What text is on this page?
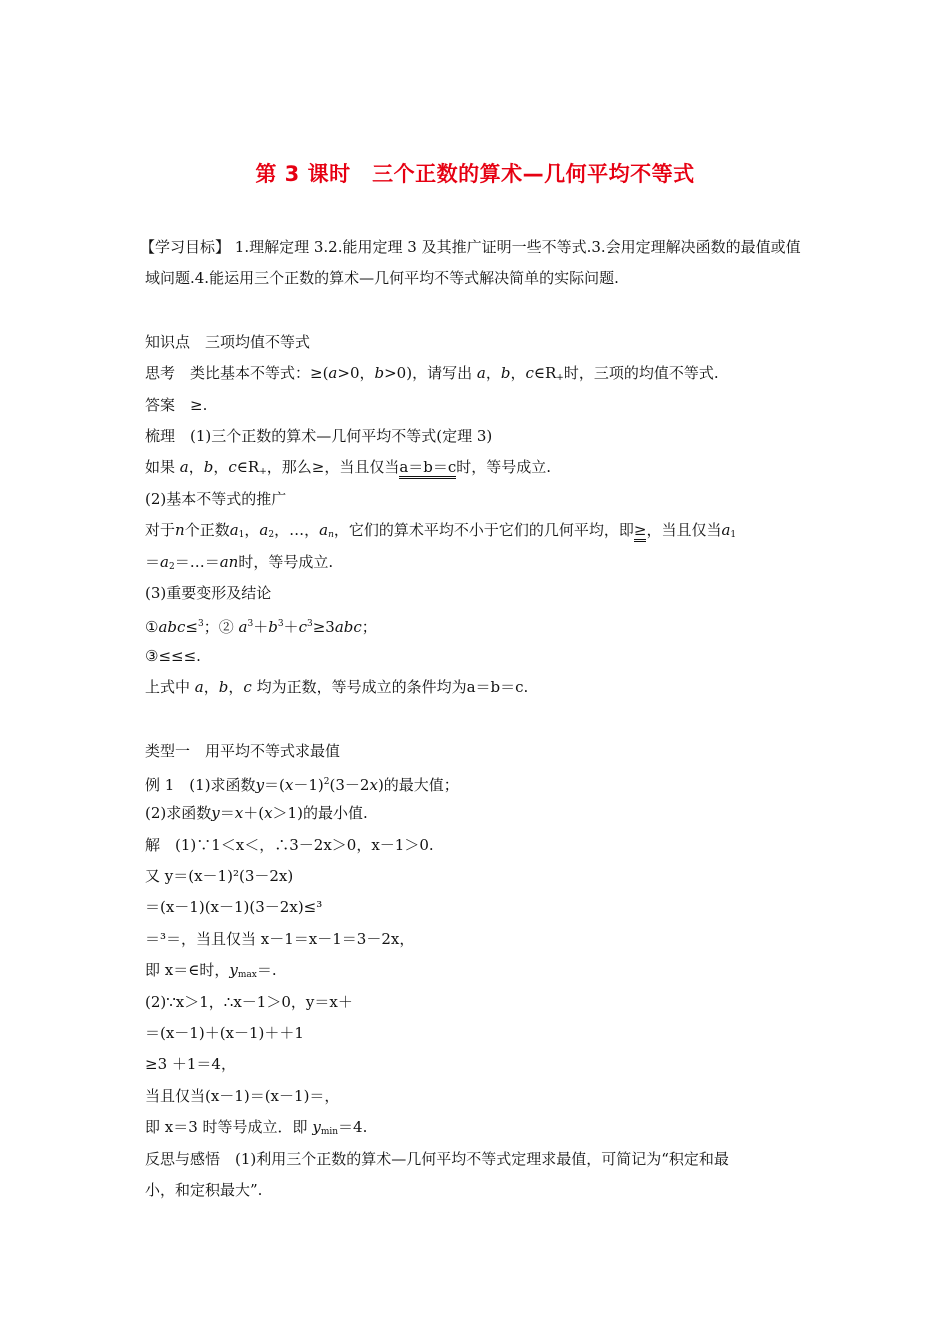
第 3 课时　三个正数的算术—几何平均不等式
【学习目标】 1.理解定理 3.2.能用定理 3 及其推广证明一些不等式.3.会用定理解决函数的最值或值域问题.4.能运用三个正数的算术—几何平均不等式解决简单的实际问题.
知识点　三项均值不等式
思考　类比基本不等式：≥(a>0，b>0)，请写出 a，b，$c\in R_+$时，三项的均值不等式.
答案　≥.
梳理　(1)三个正数的算术—几何平均不等式(定理 3)
如果 a，b，$c\in R_+$，那么≥，当且仅当a＝b＝c时，等号成立.
(2)基本不等式的推广
对于n个正数$a_1$，$a_2$，…，$a_n$，它们的算术平均不小于它们的几何平均，即≥，当且仅当$a_1$
$=a_2=\dots=an$时，等号成立.
(3)重要变形及结论
①abc≤$^3$；② $a^3+b^3+c^3\ge 3abc$；
③≤≤≤.
上式中 a，b，c 均为正数，等号成立的条件均为a＝b＝c.
类型一　用平均不等式求最值
例 1　(1)求函数$y=(x-1)^2(3-2x)$的最大值；
(2)求函数y＝x＋(x＞1)的最小值.
解　(1)∵1＜x＜，∴3－2x＞0，x－1＞0.
又 y＝(x－1)²(3－2x)
＝(x－1)(x－1)(3－2x)≤³
＝³＝，当且仅当 x－1＝x－1＝3－2x，
即 x＝∈时，$y_{max}=$.
(2)∵x＞1，∴x－1＞0，y＝x＋
＝(x－1)＋(x－1)＋＋1
≥3 ＋1＝4，
当且仅当(x－1)＝(x－1)＝，
即 x＝3 时等号成立．即 $y_{min}=4$.
反思与感悟　(1)利用三个正数的算术—几何平均不等式定理求最值，可简记为“积定和最
小，和定积最大”.
